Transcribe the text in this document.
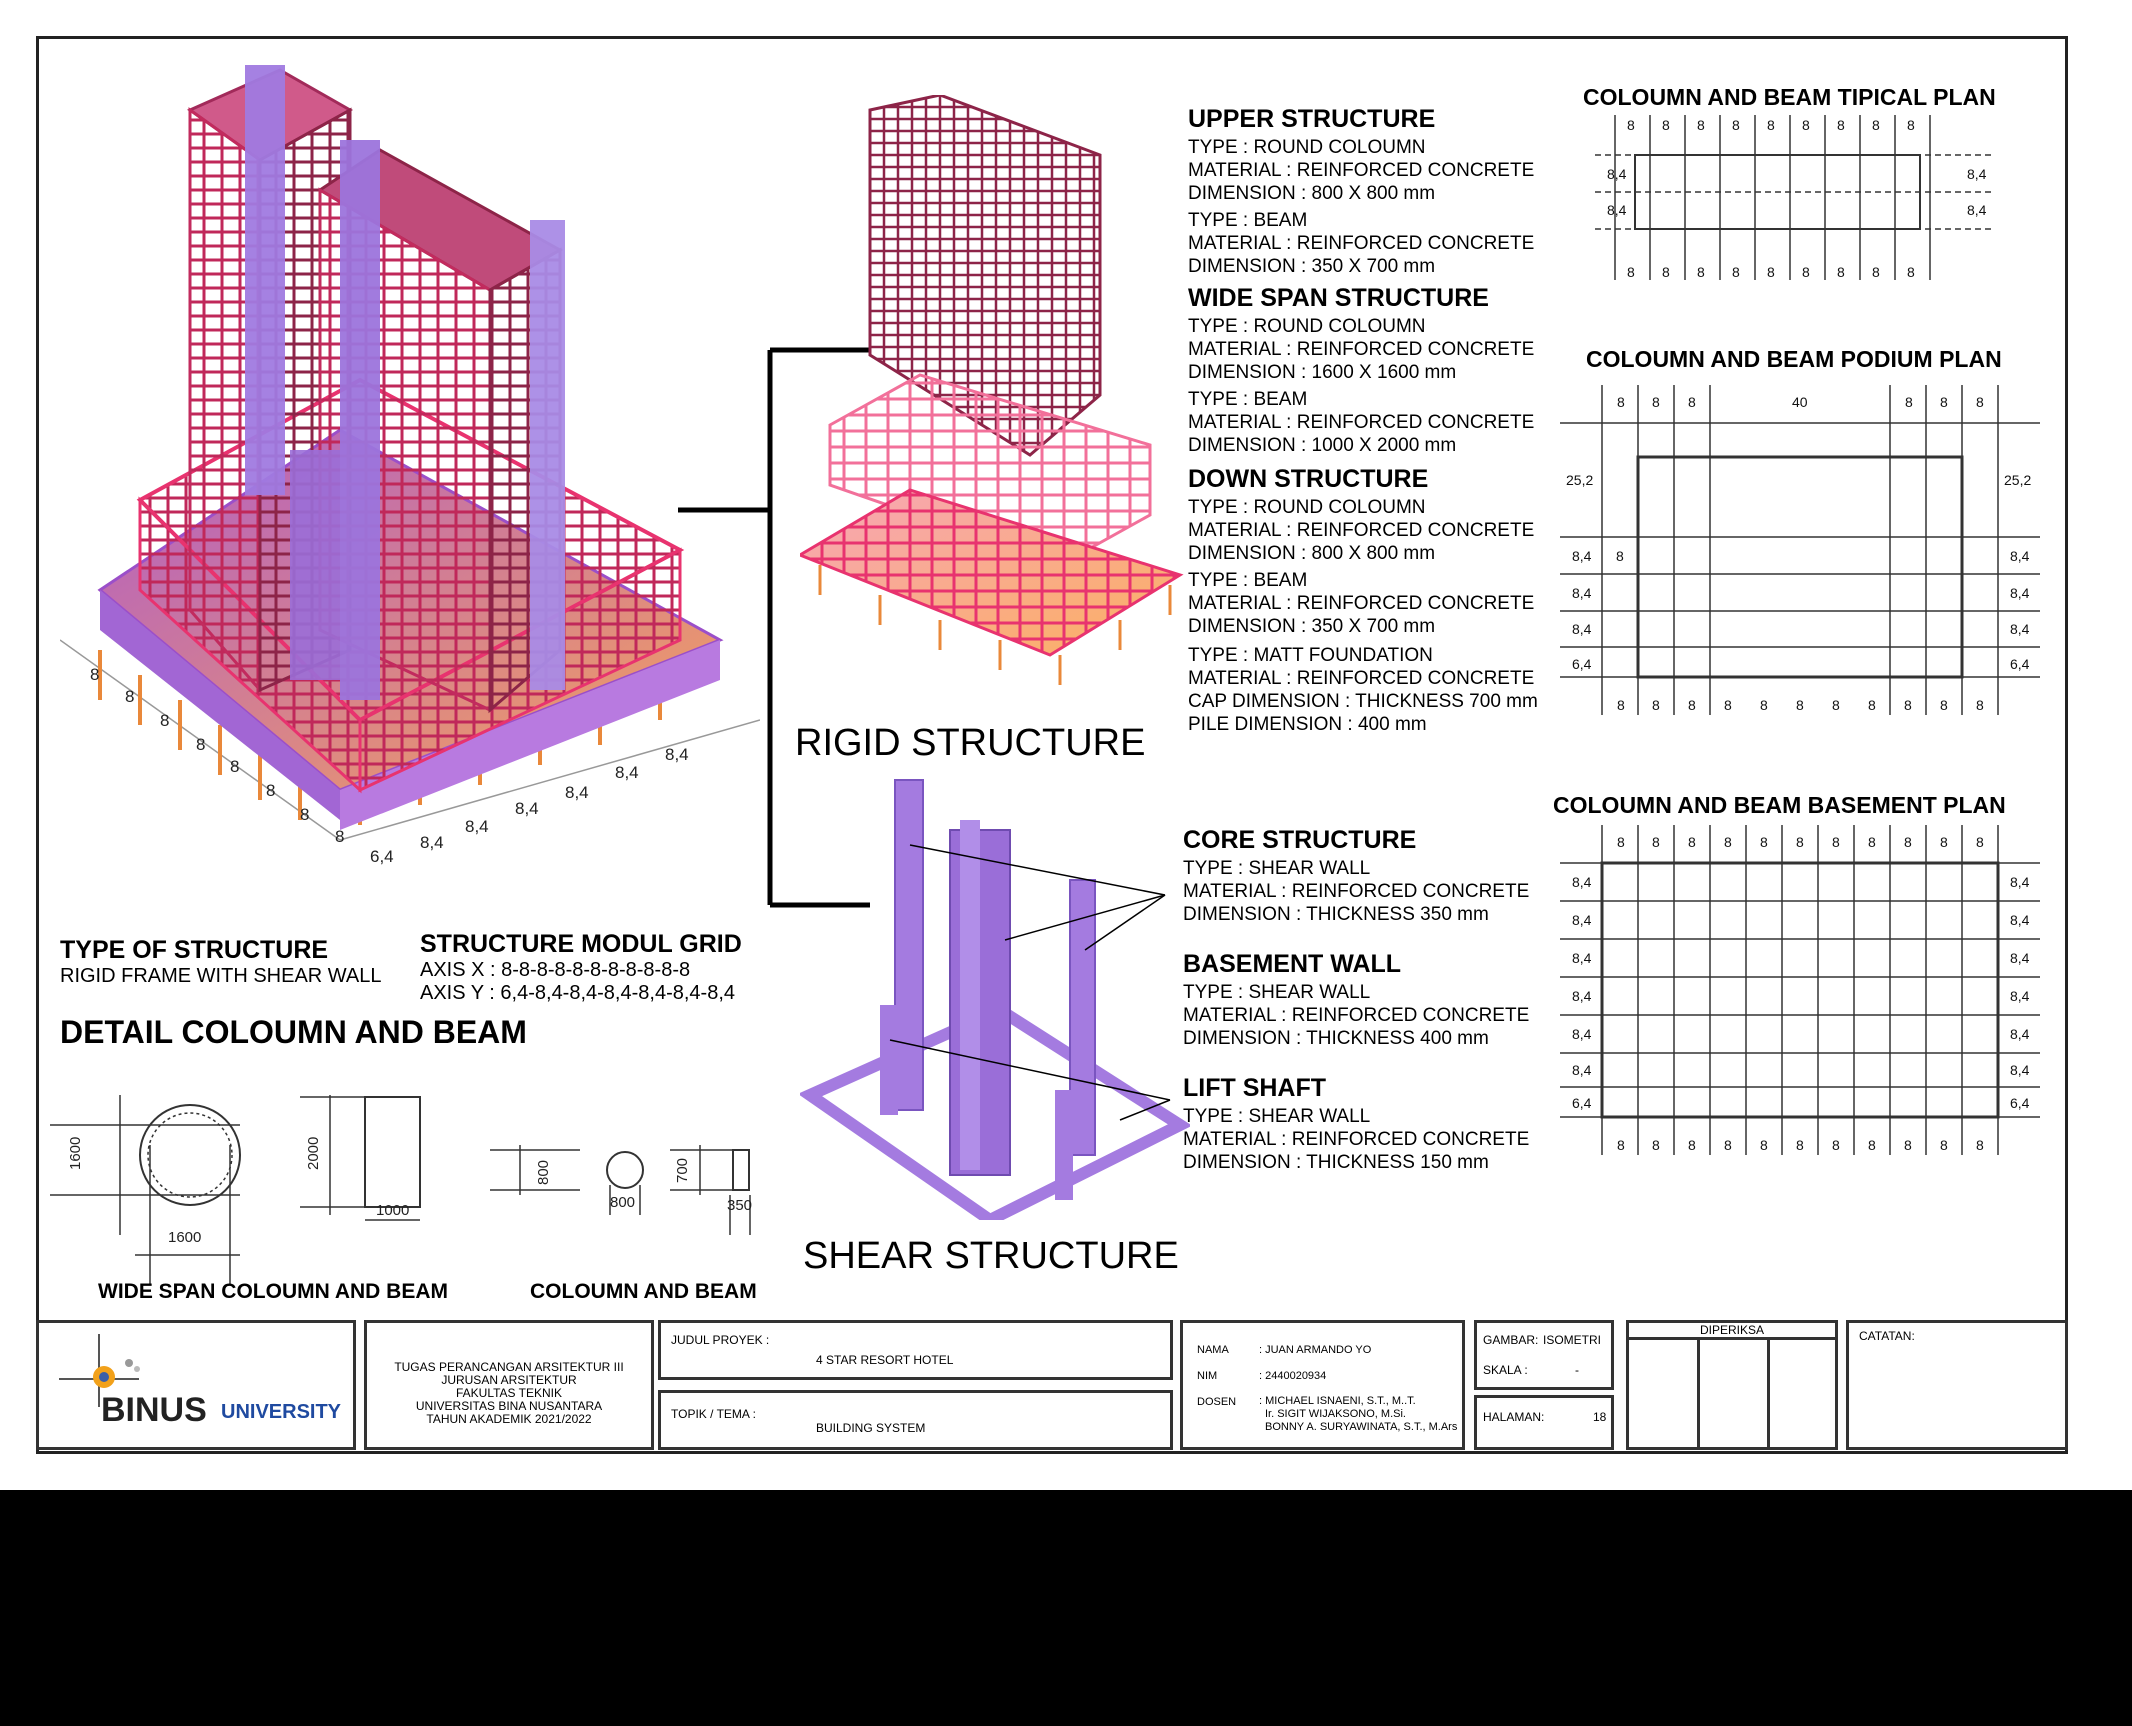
8
8
8
8
8
8
8
8
6,4
8,4
8,4
8,4
8,4
8,4
8,4	RIGID STRUCTURE
SHEAR STRUCTURE
UPPER STRUCTURE
TYPE : ROUND COLOUMN
MATERIAL : REINFORCED CONCRETE
DIMENSION : 800 X 800 mm
TYPE : BEAM
MATERIAL : REINFORCED CONCRETE
DIMENSION : 350 X 700 mm
WIDE SPAN STRUCTURE
TYPE : ROUND COLOUMN
MATERIAL : REINFORCED CONCRETE
DIMENSION : 1600 X 1600 mm
TYPE : BEAM
MATERIAL : REINFORCED CONCRETE
DIMENSION : 1000 X 2000 mm
DOWN STRUCTURE
TYPE : ROUND COLOUMN
MATERIAL : REINFORCED CONCRETE
DIMENSION : 800 X 800 mm
TYPE : BEAM
MATERIAL : REINFORCED CONCRETE
DIMENSION : 350 X 700 mm
TYPE : MATT FOUNDATION
MATERIAL : REINFORCED CONCRETE
CAP DIMENSION : THICKNESS 700 mm
PILE DIMENSION : 400 mm
CORE STRUCTURE
TYPE : SHEAR WALL
MATERIAL : REINFORCED CONCRETE
DIMENSION : THICKNESS 350 mm
BASEMENT WALL
TYPE : SHEAR WALL
MATERIAL : REINFORCED CONCRETE
DIMENSION : THICKNESS 400 mm
LIFT SHAFT
TYPE : SHEAR WALL
MATERIAL : REINFORCED CONCRETE
DIMENSION : THICKNESS 150 mm
TYPE OF STRUCTURE
RIGID FRAME WITH SHEAR WALL
STRUCTURE MODUL GRID
AXIS X : 8-8-8-8-8-8-8-8-8-8-8
AXIS Y : 6,4-8,4-8,4-8,4-8,4-8,4-8,4
DETAIL COLOUMN AND BEAM
1600
1600
2000
1000
800
800
700
350
WIDE SPAN COLOUMN AND BEAM	COLOUMN AND BEAM
COLOUMN AND BEAM TIPICAL PLAN
8 8 8 8 8 8 8 8 8
8 8 8 8 8 8 8 8 8
8,4
8,4
8,4
8,4
COLOUMN AND BEAM PODIUM PLAN
8 8 8	40	8 8 8
8 8 8 8 8 8 8 8 8 8 8
25,2
8,4
8,4
8,4
6,4
25,2
8,4
8,4
8,4
6,4
8
COLOUMN AND BEAM BASEMENT PLAN
8 8 8 8 8 8 8 8 8 8 8
8 8 8 8 8 8 8 8 8 8 8
8,4
8,4
8,4
8,4
8,4
8,4
6,4
8,4
8,4
8,4
8,4
8,4
8,4
6,4
BINUS UNIVERSITY
TUGAS PERANCANGAN ARSITEKTUR III
JURUSAN ARSITEKTUR
FAKULTAS TEKNIK
UNIVERSITAS BINA NUSANTARA
TAHUN AKADEMIK 2021/2022
JUDUL PROYEK :
4 STAR RESORT HOTEL
TOPIK / TEMA :
BUILDING SYSTEM
NAMA	: JUAN ARMANDO YO
NIM	: 2440020934
DOSEN : MICHAEL ISNAENI, S.T., M..T.
Ir. SIGIT WIJAKSONO, M.Si.
BONNY A. SURYAWINATA, S.T., M.Ars
GAMBAR: ISOMETRI
SKALA :	-
HALAMAN:	18
DIPERIKSA	CATATAN:
